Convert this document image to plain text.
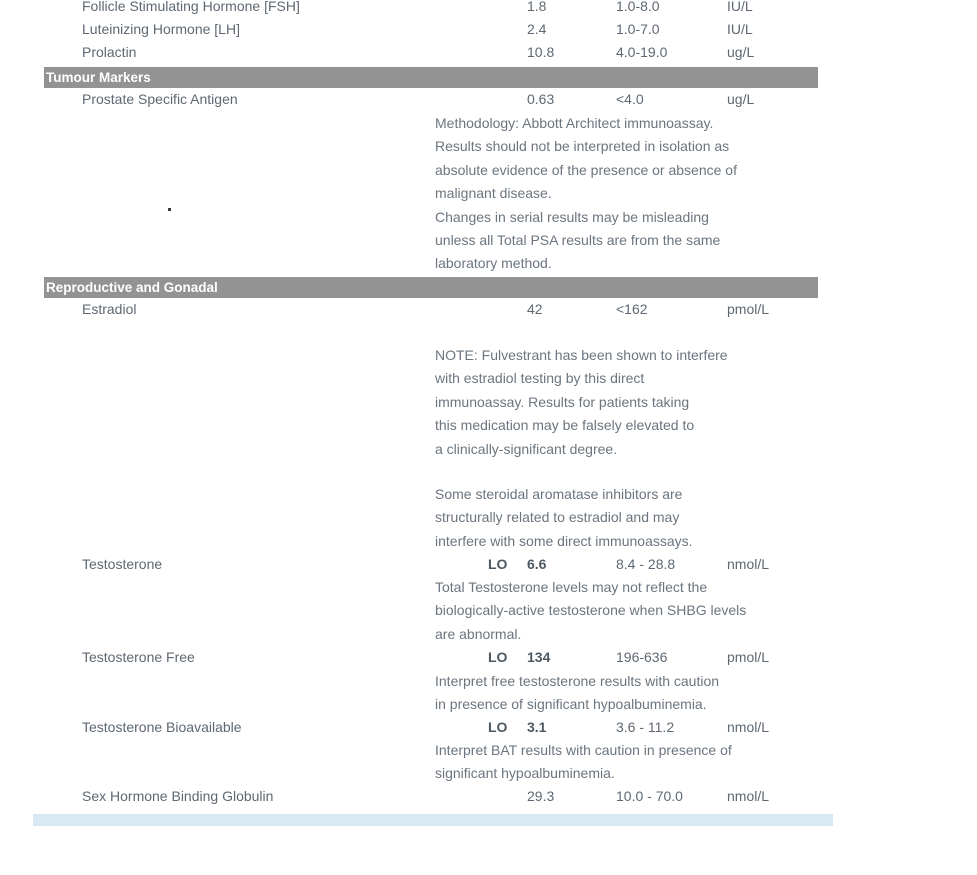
Follicle Stimulating Hormone [FSH]	1.8	1.0-8.0	IU/L
Luteinizing Hormone [LH]	2.4	1.0-7.0	IU/L
Prolactin	10.8	4.0-19.0	ug/L
Tumour Markers
Prostate Specific Antigen	0.63	<4.0	ug/L
Methodology: Abbott Architect immunoassay.
Results should not be interpreted in isolation as
absolute evidence of the presence or absence of
malignant disease.
Changes in serial results may be misleading
unless all Total PSA results are from the same
laboratory method.
Reproductive and Gonadal
Estradiol	42	<162	pmol/L
NOTE: Fulvestrant has been shown to interfere
with estradiol testing by this direct
immunoassay. Results for patients taking
this medication may be falsely elevated to
a clinically-significant degree.
Some steroidal aromatase inhibitors are
structurally related to estradiol and may
interfere with some direct immunoassays.
Testosterone	LO 6.6	8.4 - 28.8	nmol/L
Total Testosterone levels may not reflect the
biologically-active testosterone when SHBG levels
are abnormal.
Testosterone Free	LO 134	196-636	pmol/L
Interpret free testosterone results with caution
in presence of significant hypoalbuminemia.
Testosterone Bioavailable	LO 3.1	3.6 - 11.2	nmol/L
Interpret BAT results with caution in presence of
significant hypoalbuminemia.
Sex Hormone Binding Globulin	29.3	10.0 - 70.0	nmol/L
